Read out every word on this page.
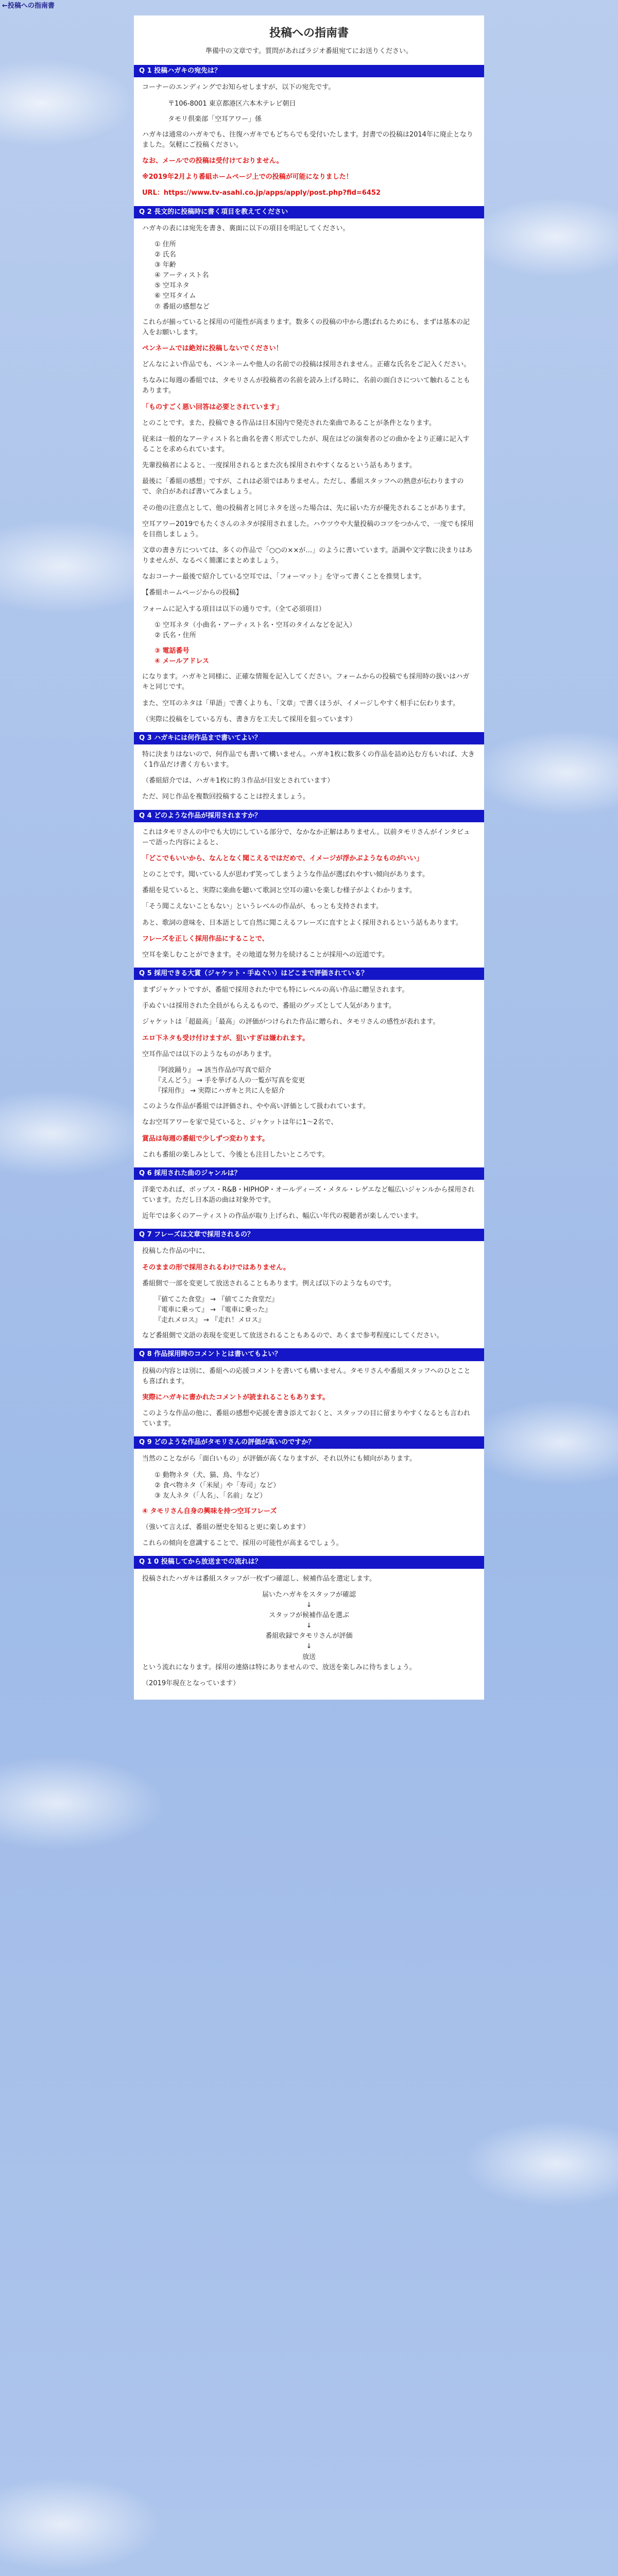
←投稿への指南書
投稿への指南書
準備中の文章です。質問があればラジオ番組宛てにお送りください。
Q 1 投稿ハガキの宛先は？

コーナーのエンディングでお知らせしますが、以下の宛先です。

〒106-8001 東京都港区六本木テレビ朝日
タモリ倶楽部「空耳アワー」係

ハガキは通常のハガキでも、往復ハガキでもどちらでも受付いたします。封書での投稿は2014年に廃止となりました。気軽にご投稿ください。

なお、メールでの投稿は受付けておりません。

※2019年2月より番組ホームページ上での投稿が可能になりました！

URL：https://www.tv-asahi.co.jp/apps/apply/post.php?fid=6452

Q 2 長文的に投稿時に書く項目を教えてください

ハガキの表には宛先を書き、裏面に以下の項目を明記してください。

① 住所
② 氏名
③ 年齢
④ アーティスト名
⑤ 空耳ネタ
⑥ 空耳タイム
⑦ 番組の感想など

これらが揃っていると採用の可能性が高まります。数多くの投稿の中から選ばれるためにも、まずは基本の記入をお願いします。

ペンネームでは絶対に投稿しないでください！

どんなによい作品でも、ペンネームや他人の名前での投稿は採用されません。正確な氏名をご記入ください。

ちなみに毎週の番組では、タモリさんが投稿者の名前を読み上げる時に、名前の面白さについて触れることもあります。

「ものすごく悪い回答は必要とされています」

とのことです。また、投稿できる作品は日本国内で発売された楽曲であることが条件となります。

従来は一般的なアーティスト名と曲名を書く形式でしたが、現在はどの演奏者のどの曲かをより正確に記入することを求められています。

先輩投稿者によると、一度採用されるとまた次も採用されやすくなるという話もあります。

最後に「番組の感想」ですが、これは必須ではありません。ただし、番組スタッフへの熱意が伝わりますので、余白があれば書いてみましょう。

その他の注意点として、他の投稿者と同じネタを送った場合は、先に届いた方が優先されることがあります。

空耳アワー2019でもたくさんのネタが採用されました。ハウツウや大量投稿のコツをつかんで、一度でも採用を目指しましょう。

文章の書き方については、多くの作品で「○○の××が…」のように書いています。語調や文字数に決まりはありませんが、なるべく簡潔にまとめましょう。

なおコーナー最後で紹介している空耳では、「フォーマット」を守って書くことを推奨します。

【番組ホームページからの投稿】

フォームに記入する項目は以下の通りです。（全て必須項目）

① 空耳ネタ（小曲名・アーティスト名・空耳のタイムなどを記入）
② 氏名・住所
③ 電話番号
④ メールアドレス

になります。ハガキと同様に、正確な情報を記入してください。フォームからの投稿でも採用時の扱いはハガキと同じです。

また、空耳のネタは「単語」で書くよりも、「文章」で書くほうが、イメージしやすく相手に伝わります。

（実際に投稿をしている方も、書き方を工夫して採用を狙っています）

Q 3 ハガキには何作品まで書いてよい？

特に決まりはないので、何作品でも書いて構いません。ハガキ1枚に数多くの作品を詰め込む方もいれば、大きく1作品だけ書く方もいます。

（番組紹介では、ハガキ1枚に約３作品が目安とされています）

ただ、同じ作品を複数回投稿することは控えましょう。

Q 4 どのような作品が採用されますか？

これはタモリさんの中でも大切にしている部分で、なかなか正解はありません。以前タモリさんがインタビューで語った内容によると、

「どこでもいいから、なんとなく聞こえるではだめで、イメージが浮かぶようなものがいい」

とのことです。聞いている人が思わず笑ってしまうような作品が選ばれやすい傾向があります。

番組を見ていると、実際に楽曲を聴いて歌詞と空耳の違いを楽しむ様子がよくわかります。

「そう聞こえないこともない」というレベルの作品が、もっとも支持されます。

あと、歌詞の意味を、日本語として自然に聞こえるフレーズに直すとよく採用されるという話もあります。

フレーズを正しく採用作品にすることで、

空耳を楽しむことができます。その地道な努力を続けることが採用への近道です。

Q 5 採用できる大賞（ジャケット・手ぬぐい）はどこまで評価されている？

まずジャケットですが、番組で採用された中でも特にレベルの高い作品に贈呈されます。

手ぬぐいは採用された全員がもらえるもので、番組のグッズとして人気があります。

ジャケットは「超最高」「最高」の評価がつけられた作品に贈られ、タモリさんの感性が表れます。

エロ下ネタも受け付けますが、狙いすぎは嫌われます。

空耳作品では以下のようなものがあります。

『阿波踊り』 → 該当作品が写真で紹介
『えんどう』 → 手を挙げる人の一覧が写真を変更
『採用作』 → 実際にハガキと共に人を紹介

このような作品が番組では評価され、やや高い評価として扱われています。

なお空耳アワーを家で見ていると、ジャケットは年に1〜2名で、

賞品は毎週の番組で少しずつ変わります。

これも番組の楽しみとして、今後とも注目したいところです。

Q 6 採用された曲のジャンルは？

洋楽であれば、ポップス・R&B・HIPHOP・オールディーズ・メタル・レゲエなど幅広いジャンルから採用されています。ただし日本語の曲は対象外です。

近年では多くのアーティストの作品が取り上げられ、幅広い年代の視聴者が楽しんでいます。

Q 7 フレーズは文章で採用されるの？

投稿した作品の中に、

そのままの形で採用されるわけではありません。

番組側で一部を変更して放送されることもあります。例えば以下のようなものです。

『値てこた食堂』 → 『値てこた食堂だ』
『電車に乗って』 → 『電車に乗った』
『走れメロス』 → 『走れ！メロス』

など番組側で文語の表現を変更して放送されることもあるので、あくまで参考程度にしてください。

Q 8 作品採用時のコメントとは書いてもよい？

投稿の内容とは別に、番組への応援コメントを書いても構いません。タモリさんや番組スタッフへのひとことも喜ばれます。

実際にハガキに書かれたコメントが読まれることもあります。

このような作品の他に、番組の感想や応援を書き添えておくと、スタッフの目に留まりやすくなるとも言われています。

Q 9 どのような作品がタモリさんの評価が高いのですか？

当然のことながら「面白いもの」が評価が高くなりますが、それ以外にも傾向があります。

① 動物ネタ（犬、猫、鳥、牛など）
② 食べ物ネタ（「米屋」や「寿司」など）
③ 友人ネタ（「人名」、「名前」など）

④ タモリさん自身の興味を持つ空耳フレーズ

（強いて言えば、番組の歴史を知ると更に楽しめます）

これらの傾向を意識することで、採用の可能性が高まるでしょう。

Q 1 0 投稿してから放送までの流れは？

投稿されたハガキは番組スタッフが一枚ずつ確認し、候補作品を選定します。

届いたハガキをスタッフが確認
↓
スタッフが候補作品を選ぶ
↓
番組收録でタモリさんが評価
↓
放送

という流れになります。採用の連絡は特にありませんので、放送を楽しみに待ちましょう。

（2019年現在となっています）
